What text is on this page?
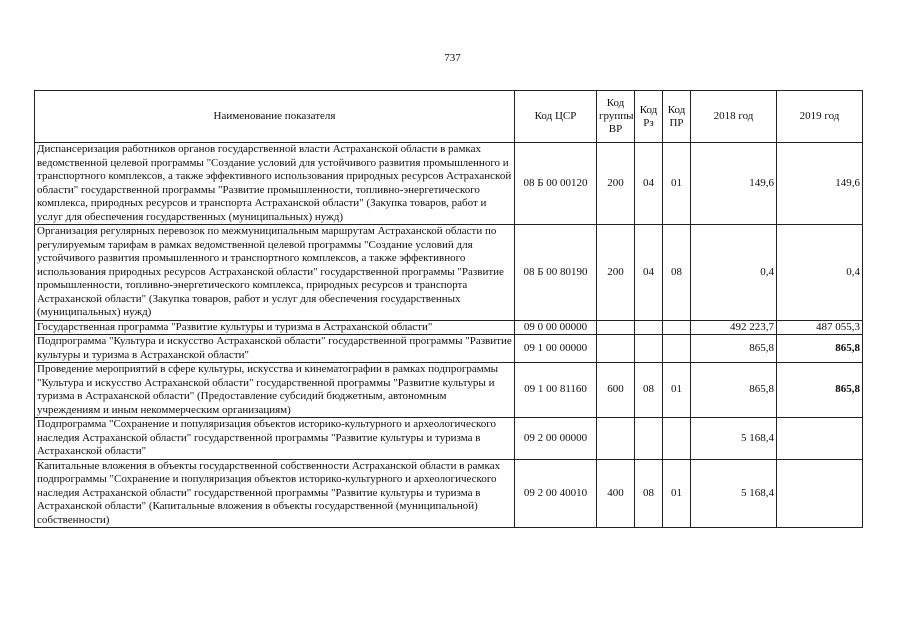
737
Наименование показателя	Код ЦСР	Код группы ВР	Код Рз	Код ПР	2018 год	2019 год
Диспансеризация работников органов государственной власти Астраханской области в рамках ведомственной целевой программы "Создание условий для устойчивого развития промышленного и транспортного комплексов, а также эффективного использования природных ресурсов Астраханской области" государственной программы "Развитие промышленности, топливно-энергетического комплекса, природных ресурсов и транспорта Астраханской области" (Закупка товаров, работ и услуг для обеспечения государственных (муниципальных) нужд)	08 Б 00 00120	200	04	01	149,6	149,6
Организация регулярных перевозок по межмуниципальным маршрутам Астраханской области по регулируемым тарифам в рамках ведомственной целевой программы "Создание условий для устойчивого развития промышленного и транспортного комплексов, а также эффективного использования природных ресурсов Астраханской области" государственной программы "Развитие промышленности, топливно-энергетического комплекса, природных ресурсов и транспорта Астраханской области" (Закупка товаров, работ и услуг для обеспечения государственных (муниципальных) нужд)	08 Б 00 80190	200	04	08	0,4	0,4
Государственная программа "Развитие культуры и туризма в Астраханской области"	09 0 00 00000				492 223,7	487 055,3
Подпрограмма "Культура и искусство Астраханской области" государственной программы "Развитие культуры и туризма в Астраханской области"	09 1 00 00000				865,8	865,8
Проведение мероприятий в сфере культуры, искусства и кинематографии в рамках подпрограммы "Культура и искусство Астраханской области" государственной программы "Развитие культуры и туризма в Астраханской области" (Предоставление субсидий бюджетным, автономным учреждениям и иным некоммерческим организациям)	09 1 00 81160	600	08	01	865,8	865,8
Подпрограмма "Сохранение и популяризация объектов историко-культурного и археологического наследия Астраханской области" государственной программы "Развитие культуры и туризма в Астраханской области"	09 2 00 00000				5 168,4	
Капитальные вложения в объекты государственной собственности Астраханской области в рамках подпрограммы "Сохранение и популяризация объектов историко-культурного и археологического наследия Астраханской области" государственной программы "Развитие культуры и туризма в Астраханской области" (Капитальные вложения в объекты государственной (муниципальной) собственности)	09 2 00 40010	400	08	01	5 168,4	
